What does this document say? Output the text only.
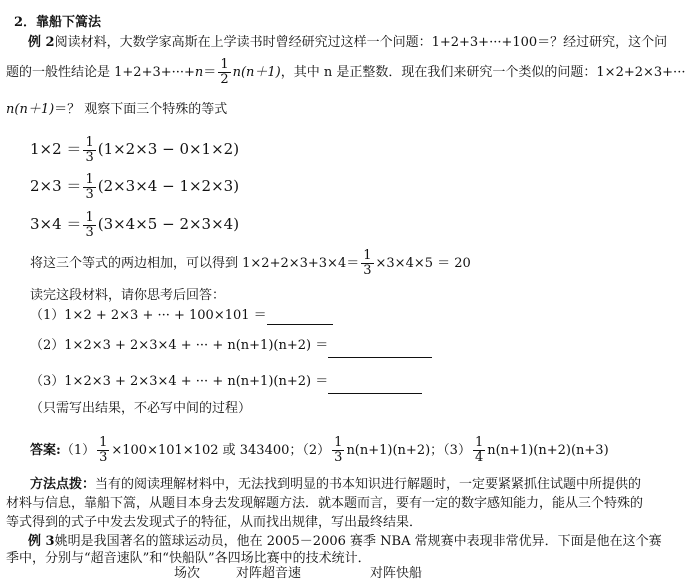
2．靠船下篙法
例 2阅读材料，大数学家高斯在上学读书时曾经研究过这样一个问题：1+2+3+···+100＝？经过研究，这个问
题的一般性结论是 $1+2+3+\cdot\cdot\cdot+n= \frac{1}{2} n(n+1)$，其中 n 是正整数．现在我们来研究一个类似的问题：1×2+2×3+···
n(n＋1)＝？ 观察下面三个特殊的等式
$1\times 2 = \frac{1}{3} (1\times 2\times 3 - 0\times 1\times 2)$
$2\times 3 = \frac{1}{3} (2\times 3\times 4 - 1\times 2\times 3)$
$3\times 4 = \frac{1}{3} (3\times 4\times 5 - 2\times 3\times 4)$
将这三个等式的两边相加，可以得到 $1\times 2+2\times 3+3\times 4= \frac{1}{3} \times 3\times 4\times 5 = 20$
读完这段材料，请你思考后回答：
（1）1×2 + 2×3 + ··· + 100×101 ＝
（2）1×2×3 + 2×3×4 + ··· + n(n+1)(n+2) ＝
（3）1×2×3 + 2×3×4 + ··· + n(n+1)(n+2) ＝
（只需写出结果，不必写中间的过程）
答案:（1） $\frac{1}{3} \times 100\times 101\times 102$ 或 343400；$(2) \frac{1}{3} n(n+1)(n+2)$；$(3) \frac{1}{4} n(n+1)(n+2)(n+3)$
方法点拨：当有的阅读理解材料中，无法找到明显的书本知识进行解题时，一定要紧紧抓住试题中所提供的
材料与信息，靠船下篙，从题目本身去发现解题方法．就本题而言，要有一定的数字感知能力，能从三个特殊的
等式得到的式子中发去发现式子的特征，从而找出规律，写出最终结果．
例 3姚明是我国著名的篮球运动员，他在 2005－2006 赛季 NBA 常规赛中表现非常优异．下面是他在这个赛
季中，分别与“超音速队”和“快船队”各四场比赛中的技术统计．
场次	对阵超音速	对阵快船
